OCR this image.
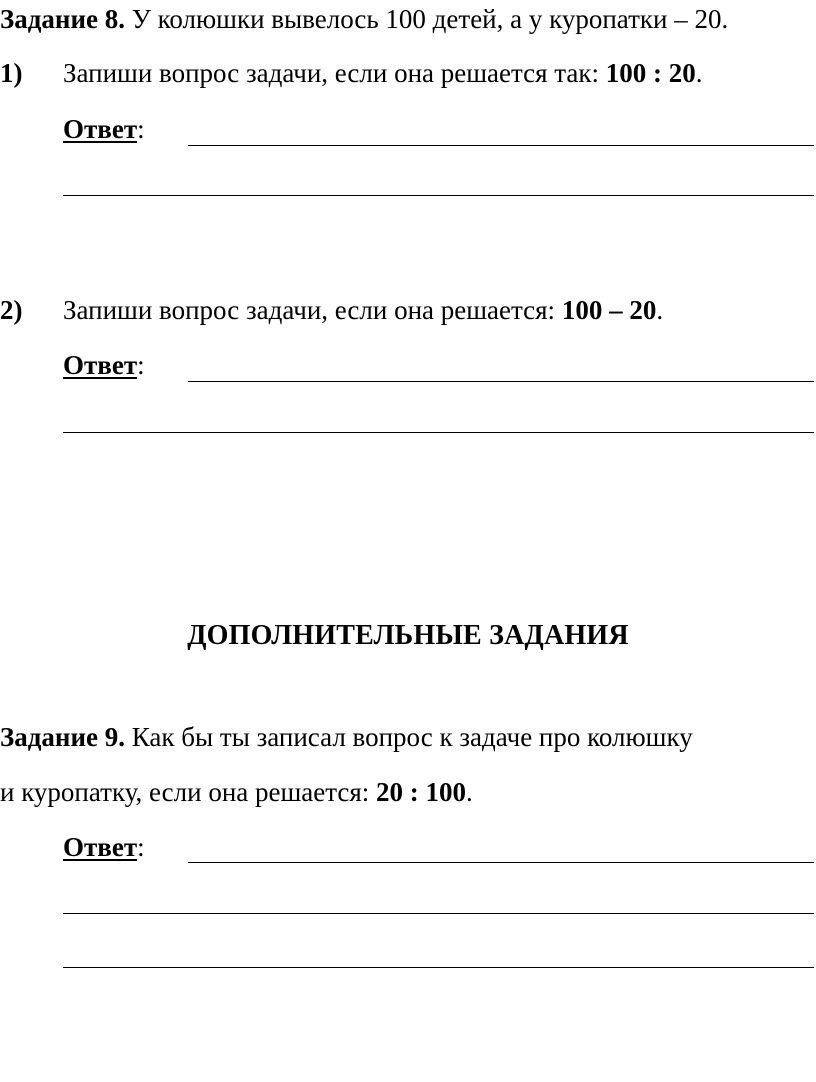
Задание 8. У колюшки вывелось 100 детей, а у куропатки – 20.
1) Запиши вопрос задачи, если она решается так: 100 : 20.
Ответ:
2) Запиши вопрос задачи, если она решается: 100 – 20.
Ответ:
ДОПОЛНИТЕЛЬНЫЕ ЗАДАНИЯ
Задание 9. Как бы ты записал вопрос к задаче про колюшку
и куропатку, если она решается: 20 : 100.
Ответ:
